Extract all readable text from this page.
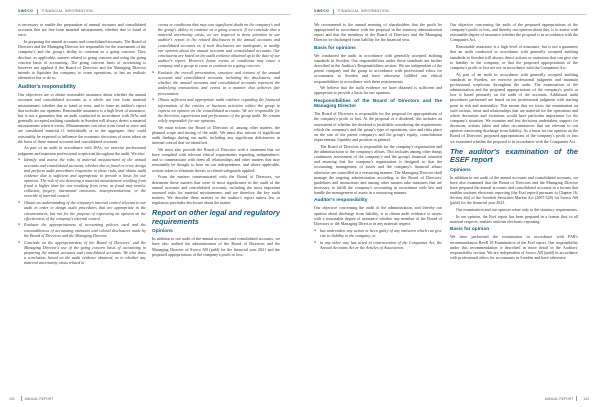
SWECO	FINANCIAL INFORMATION

is necessary to enable the preparation of annual accounts and consolidated accounts that are free from material misstatement, whether due to fraud or error.

In preparing the annual accounts and consolidated accounts, The Board of Directors and the Managing Director are responsible for the assessment of the company's and the group's ability to continue as a going concern. They disclose, as applicable, matters related to going concern and using the going concern basis of accounting. The going concern basis of accounting is however not applied if the Board of Directors and the Managing Director intends to liquidate the company, to cease operations, or has no realistic alternative but to do so.

Auditor's responsibility

Our objectives are to obtain reasonable assurance about whether the annual accounts and consolidated accounts as a whole are free from material misstatement, whether due to fraud or error, and to issue an auditor's report that includes our opinions. Reasonable assurance is a high level of assurance, but is not a guarantee that an audit conducted in accordance with ISAs and generally accepted auditing standards in Sweden will always detect a material misstatement when it exists. Misstatements can arise from fraud or error and are considered material if, individually or in the aggregate, they could reasonably be expected to influence the economic decisions of users taken on the basis of these annual accounts and consolidated accounts.

As part of an audit in accordance with ISAs, we exercise professional judgment and maintain professional scepticism throughout the audit. We also:

● Identify and assess the risks of material misstatement of the annual accounts and consolidated accounts, whether due to fraud or error, design and perform audit procedures responsive to those risks, and obtain audit evidence that is sufficient and appropriate to provide a basis for our opinions. The risk of not detecting a material misstatement resulting from fraud is higher than for one resulting from error, as fraud may involve collusion, forgery, intentional omissions, misrepresentations, or the override of internal control.
● Obtain an understanding of the company's internal control relevant to our audit in order to design audit procedures that are appropriate in the circumstances, but not for the purpose of expressing an opinion on the effectiveness of the company's internal control.
● Evaluate the appropriateness of accounting policies used and the reasonableness of accounting estimates and related disclosures made by the Board of Directors and the Managing Director.
● Conclude on the appropriateness of the Board of Directors' and the Managing Director's use of the going concern basis of accounting in preparing the annual accounts and consolidated accounts. We also draw a conclusion, based on the audit evidence obtained, as to whether any material uncertainty exists related to

events or conditions that may cast significant doubt on the company's and the group's ability to continue as a going concern. If we conclude that a material uncertainty exists, we are required to draw attention in our auditor's report to the related disclosures in the annual accounts and consolidated accounts or, if such disclosures are inadequate, to modify our opinion about the annual accounts and consolidated accounts. Our conclusions are based on the audit evidence obtained up to the date of our auditor's report. However, future events or conditions may cause a company and a group to cease to continue as a going concern.

● Evaluate the overall presentation, structure and content of the annual accounts and consolidated accounts, including the disclosures, and whether the annual accounts and consolidated accounts represent the underlying transactions and events in a manner that achieves fair presentation.
● Obtain sufficient and appropriate audit evidence regarding the financial information of the entities or business activities within the group to express an opinion on the consolidated accounts. We are responsible for the direction, supervision and performance of the group audit. We remain solely responsible for our opinions.

We must inform the Board of Directors of, among other matters, the planned scope and timing of the audit. We must also inform of significant audit findings during our audit, including any significant deficiencies in internal control that we identified.

We must also provide the Board of Directors with a statement that we have complied with relevant ethical requirements regarding independence, and to communicate with them all relationships and other matters that may reasonably be thought to bear on our independence, and where applicable, actions taken to eliminate threats or related safeguards applied.

From the matters communicated with the Board of Directors, we determine those matters that were of most significance in the audit of the annual accounts and consolidated accounts, including the most important assessed risks for material misstatement, and are therefore the key audit matters. We describe these matters in the auditor's report unless law or regulation precludes disclosure about the matter.

Report on other legal and regulatory requirements
Opinions

In addition to our audit of the annual accounts and consolidated accounts, we have also audited the administration of the Board of Directors and the Managing Director of Sweco AB (publ) for the financial year 2021 and the proposed appropriations of the company's profit or loss.

102	ANNUAL REPORT
SWECO	FINANCIAL INFORMATION

We recommend to the annual meeting of shareholders that the profit be appropriated in accordance with the proposal in the statutory administration report and that the members of the Board of Directors and the Managing Director be discharged from liability for the financial year.

Basis for opinions

We conducted the audit in accordance with generally accepted auditing standards in Sweden. Our responsibilities under those standards are further described in the Auditor's Responsibilities section. We are independent of the parent company and the group in accordance with professional ethics for accountants in Sweden and have otherwise fulfilled our ethical responsibilities in accordance with these requirements.

We believe that the audit evidence we have obtained is sufficient and appropriate to provide a basis for our opinions.

Responsibilities of the Board of Directors and the Managing Director

The Board of Directors is responsible for the proposal for appropriations of the company's profit or loss. At the proposal of a dividend, this includes an assessment of whether the dividend is justifiable considering the requirements which the company's and the group's type of operations, size and risks place on the size of the parent company's and the group's equity, consolidation requirements, liquidity and position in general.

The Board of Directors is responsible for the company's organization and the administration of the company's affairs. This includes among other things continuous assessment of the company's and the group's financial situation and ensuring that the company's organization is designed so that the accounting, management of assets and the company's financial affairs otherwise are controlled in a reassuring manner. The Managing Director shall manage the ongoing administration according to the Board of Directors' guidelines and instructions and among other matters take measures that are necessary to fulfill the company's accounting in accordance with law and handle the management of assets in a reassuring manner.

Auditor's responsibility

Our objective concerning the audit of the administration, and thereby our opinion about discharge from liability, is to obtain audit evidence to assess with a reasonable degree of assurance whether any member of the Board of Directors or the Managing Director in any material respect:

● has undertaken any action or been guilty of any omission which can give rise to liability to the company, or
● in any other way has acted in contravention of the Companies Act, the Annual Accounts Act or the Articles of Association.

Our objective concerning the audit of the proposed appropriations of the company's profit or loss, and thereby our opinion about this, is to assess with reasonable degree of assurance whether the proposal is in accordance with the Companies Act.

Reasonable assurance is a high level of assurance, but is not a guarantee that an audit conducted in accordance with generally accepted auditing standards in Sweden will always detect actions or omissions that can give rise to liability to the company, or that the proposed appropriations of the company's profit or loss are not in accordance with the Companies Act.

As part of an audit in accordance with generally accepted auditing standards in Sweden, we exercise professional judgment and maintain professional scepticism throughout the audit. The examination of the administration and the proposed appropriations of the company's profit or loss is based primarily on the audit of the accounts. Additional audit procedures performed are based on our professional judgment with starting point in risk and materiality. This means that we focus the examination on such actions, areas and relationships that are material for the operations and where deviations and violations would have particular importance for the company's situation. We examine and test decisions undertaken, support for decisions, actions taken and other circumstances that are relevant to our opinion concerning discharge from liability. As a basis for our opinion on the Board of Directors' proposed appropriations of the company's profit or loss we examined whether the proposal is in accordance with the Companies Act.

The auditor's examination of the ESEF report
Opinions

In addition to our audit of the annual accounts and consolidated accounts, we have also examined that the Board of Directors and the Managing Director have prepared the annual accounts and consolidated accounts in a format that enables uniform electronic reporting (the Esef report) pursuant to Chapter 16, Section 4(a) of the Swedish Securities Market Act (2007:528) for Sweco AB (publ) for the financial year 2021.

Our examination and our opinion relate only to the statutory requirements.

In our opinion, the Esef report has been prepared in a format that, in all material respects, enables uniform electronic reporting.

Basis for opinion

We have performed the examination in accordance with FAR's recommendation RevR 18 Examination of the Esef report. Our responsibility under this recommendation is described in more detail in the Auditors' responsibility section. We are independent of Sweco AB (publ) in accordance with professional ethics for accountants in Sweden and have otherwise

ANNUAL REPORT	103
